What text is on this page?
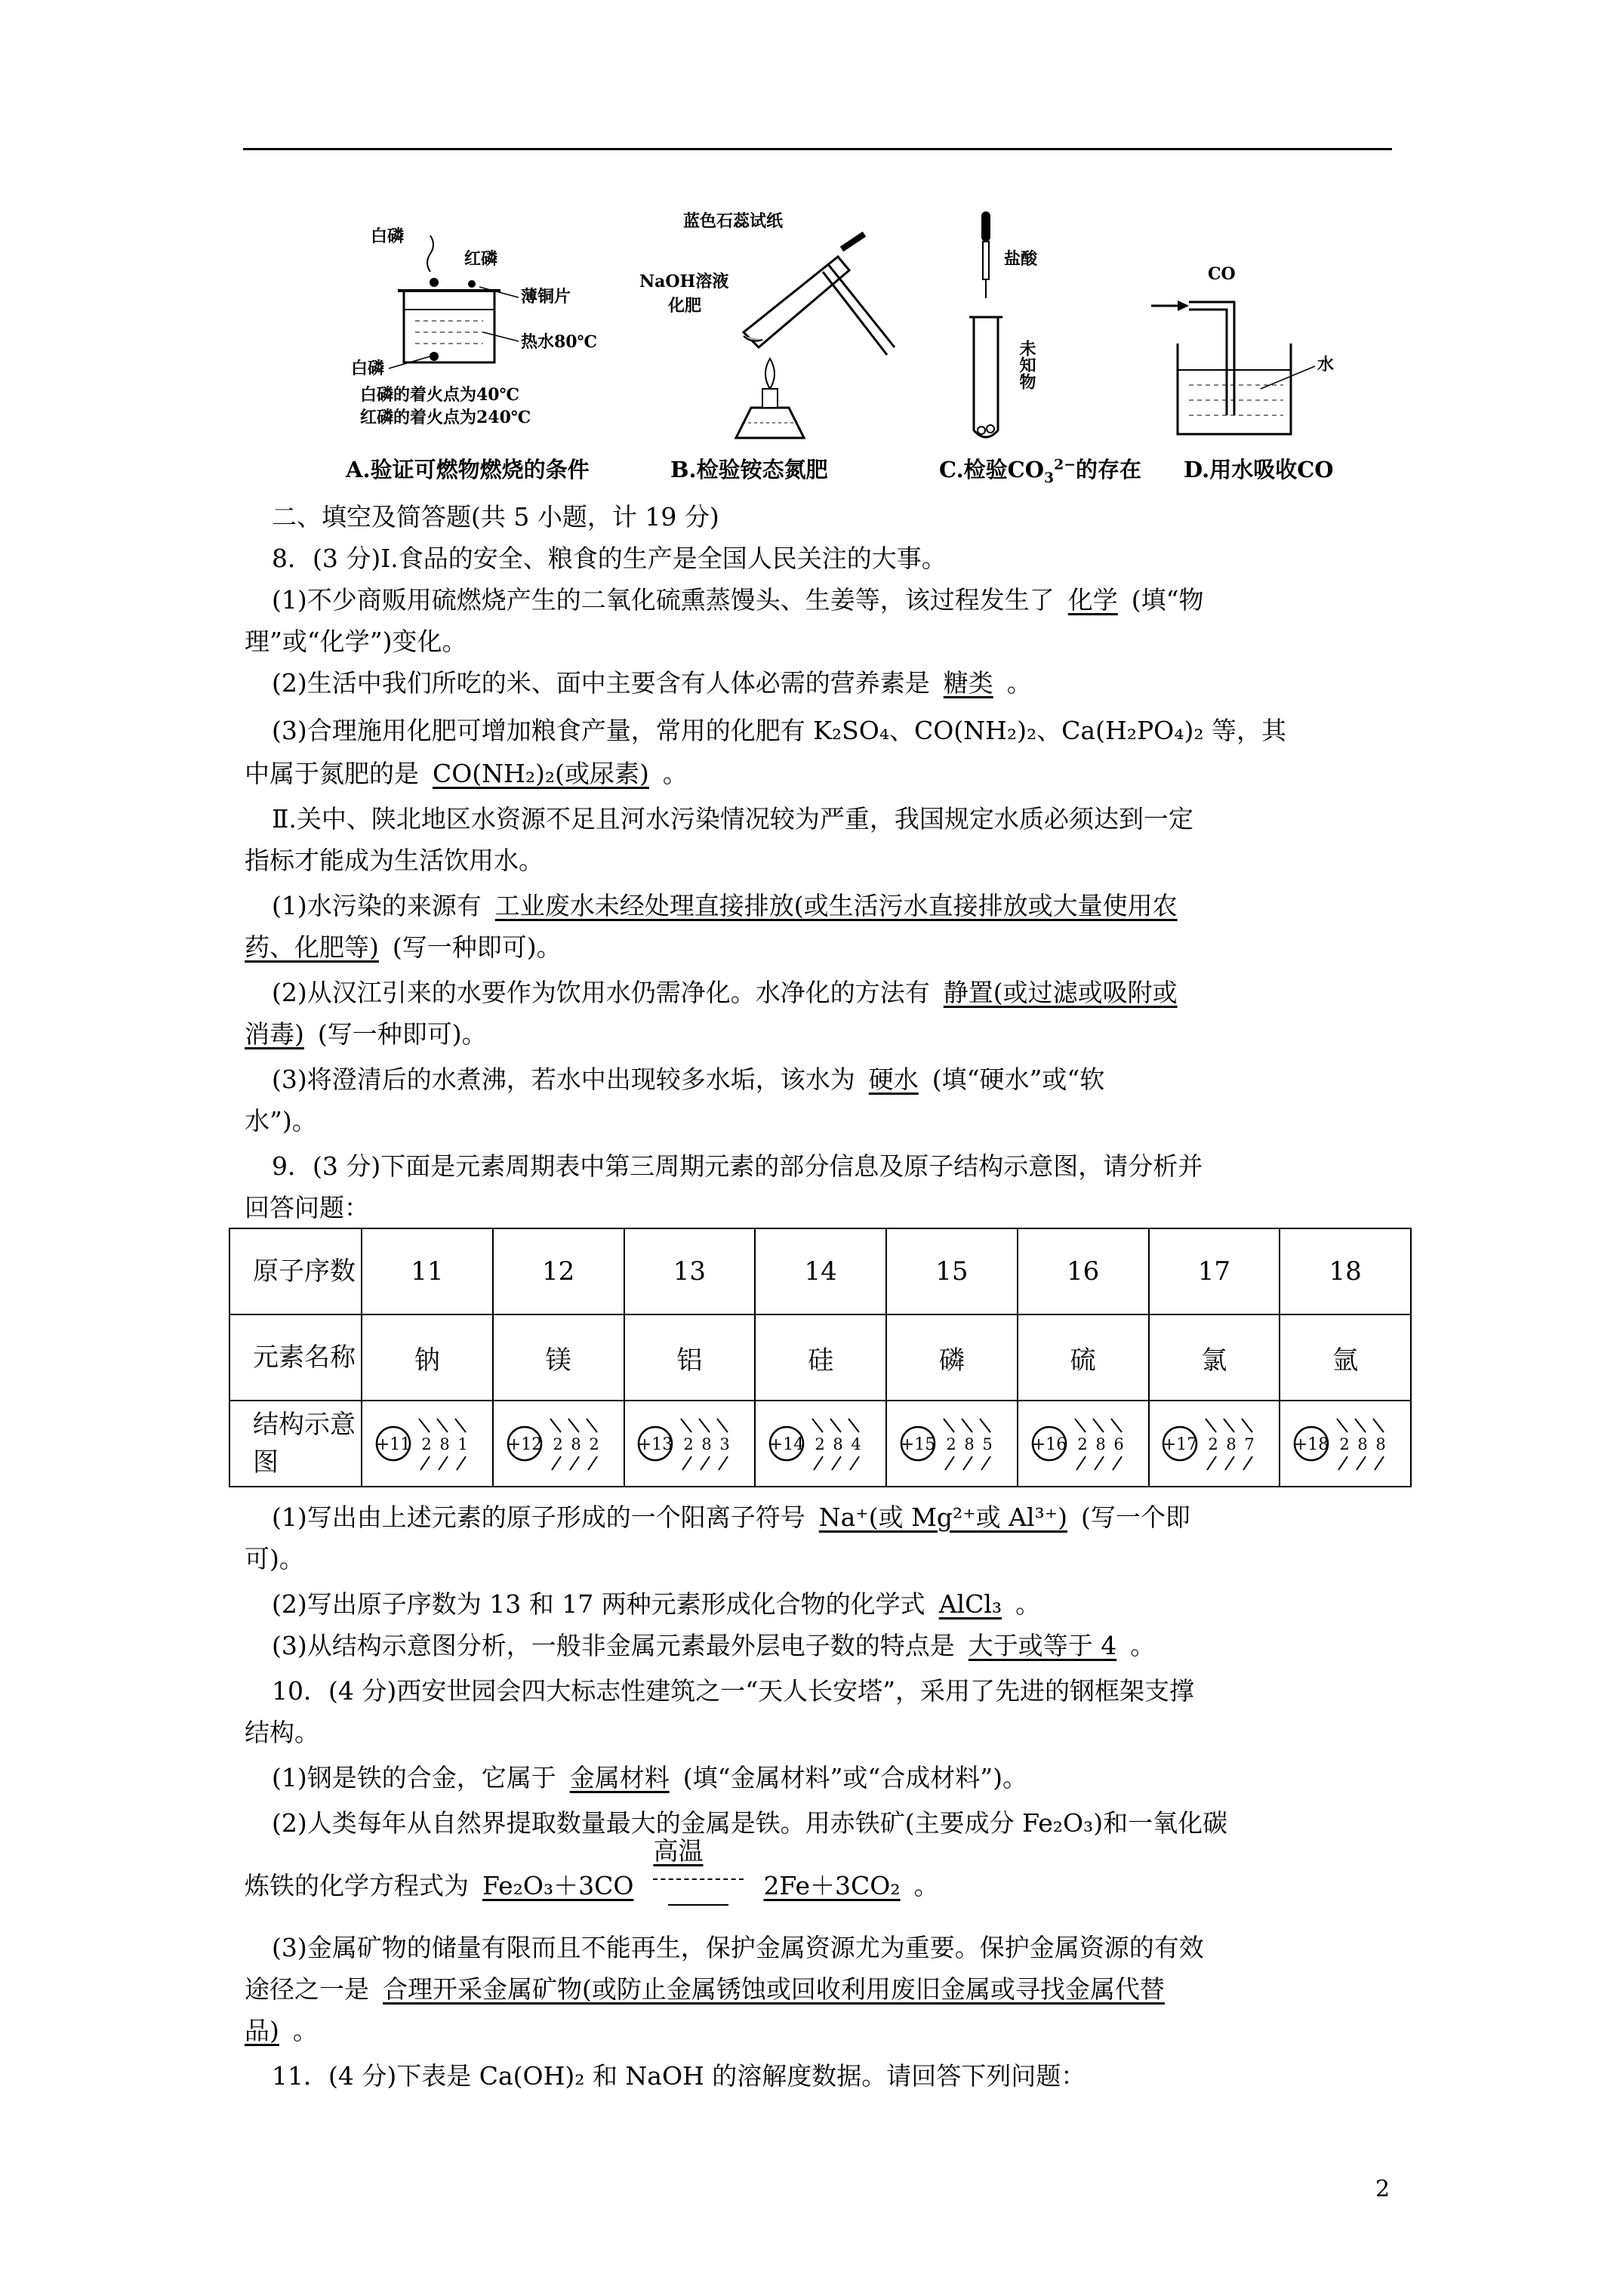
白磷
红磷
薄铜片
热水80℃
白磷
白磷的着火点为40℃
红磷的着火点为240℃
A.验证可燃物燃烧的条件
蓝色石蕊试纸
NaOH溶液
化肥
B.检验铵态氮肥
盐酸
未知物
C.检验$CO_3^{2-}$的存在
CO
水
D.用水吸收CO
二、填空及简答题(共 5 小题，计 19 分)
8．(3 分)Ⅰ.食品的安全、粮食的生产是全国人民关注的大事。
(1)不少商贩用硫燃烧产生的二氧化硫熏蒸馒头、生姜等，该过程发生了 化学 (填“物
理”或“化学”)变化。
(2)生活中我们所吃的米、面中主要含有人体必需的营养素是 糖类 。
(3)合理施用化肥可增加粮食产量，常用的化肥有 K₂SO₄、CO(NH₂)₂、Ca(H₂PO₄)₂ 等，其
中属于氮肥的是 CO(NH₂)₂(或尿素) 。
Ⅱ.关中、陕北地区水资源不足且河水污染情况较为严重，我国规定水质必须达到一定
指标才能成为生活饮用水。
(1)水污染的来源有 工业废水未经处理直接排放(或生活污水直接排放或大量使用农
药、化肥等) (写一种即可)。
(2)从汉江引来的水要作为饮用水仍需净化。水净化的方法有 静置(或过滤或吸附或
消毒) (写一种即可)。
(3)将澄清后的水煮沸，若水中出现较多水垢，该水为 硬水 (填“硬水”或“软
水”)。
9．(3 分)下面是元素周期表中第三周期元素的部分信息及原子结构示意图，请分析并
回答问题：
原子序数	11	12	13	14	15	16	17	18
元素名称	钠	镁	铝	硅	磷	硫	氯	氩
结构示意图	+11 2 8 1	+12 2 8 2	+13 2 8 3	+14 2 8 4	+15 2 8 5	+16 2 8 6	+17 2 8 7	+18 2 8 8
(1)写出由上述元素的原子形成的一个阳离子符号 Na⁺(或 Mg²⁺或 Al³⁺) (写一个即
可)。
(2)写出原子序数为 13 和 17 两种元素形成化合物的化学式 AlCl₃ 。
(3)从结构示意图分析，一般非金属元素最外层电子数的特点是 大于或等于 4 。
10．(4 分)西安世园会四大标志性建筑之一“天人长安塔”，采用了先进的钢框架支撑
结构。
(1)钢是铁的合金，它属于 金属材料 (填“金属材料”或“合成材料”)。
(2)人类每年从自然界提取数量最大的金属是铁。用赤铁矿(主要成分 Fe₂O₃)和一氧化碳
炼铁的化学方程式为 Fe₂O₃＋3CO
高温
2Fe＋3CO₂ 。
(3)金属矿物的储量有限而且不能再生，保护金属资源尤为重要。保护金属资源的有效
途径之一是 合理开采金属矿物(或防止金属锈蚀或回收利用废旧金属或寻找金属代替
品) 。
11．(4 分)下表是 Ca(OH)₂ 和 NaOH 的溶解度数据。请回答下列问题：
2
